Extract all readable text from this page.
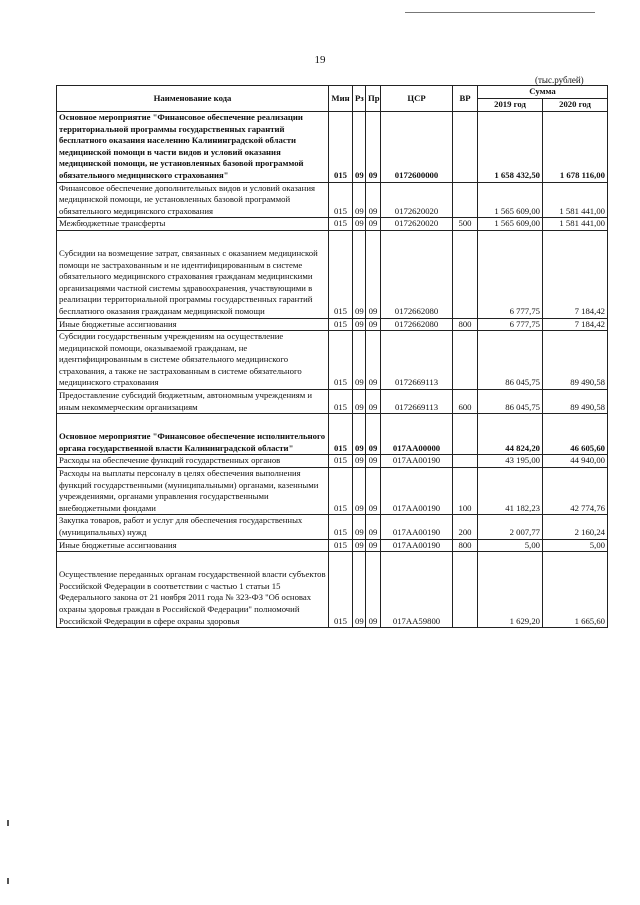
19
(тыс.рублей)
Наименование кода	Мин	Рз	Пр	ЦСР	ВР	Сумма	
						2019 год	2020 год
Основное мероприятие "Финансовое обеспечение реализации территориальной программы государственных гарантий бесплатного оказания населению Калининградской области медицинской помощи в части видов и условий оказания медицинской помощи, не установленных базовой программой обязательного медицинского страхования"	015	09	09	0172600000		1 658 432,50	1 678 116,00
Финансовое обеспечение дополнительных видов и условий оказания медицинской помощи, не установленных базовой программой обязательного медицинского страхования	015	09	09	0172620020		1 565 609,00	1 581 441,00
Межбюджетные трансферты	015	09	09	0172620020	500	1 565 609,00	1 581 441,00
Субсидии на возмещение затрат, связанных с оказанием медицинской помощи не застрахованным и не идентифицированным в системе обязательного медицинского страхования гражданам медицинскими организациями частной системы здравоохранения, участвующими в реализации территориальной программы государственных гарантий бесплатного оказания гражданам медицинской помощи	015	09	09	0172662080		6 777,75	7 184,42
Иные бюджетные ассигнования	015	09	09	0172662080	800	6 777,75	7 184,42
Субсидии государственным учреждениям на осуществление медицинской помощи, оказываемой гражданам, не идентифицированным в системе обязательного медицинского страхования, а также не застрахованным в системе обязательного медицинского страхования	015	09	09	0172669113		86 045,75	89 490,58
Предоставление субсидий бюджетным, автономным учреждениям и иным некоммерческим организациям	015	09	09	0172669113	600	86 045,75	89 490,58
Основное мероприятие "Финансовое обеспечение исполнительного органа государственной власти Калининградской области"	015	09	09	017АА00000		44 824,20	46 605,60
Расходы на обеспечение функций государственных органов	015	09	09	017АА00190		43 195,00	44 940,00
Расходы на выплаты персоналу в целях обеспечения выполнения функций государственными (муниципальными) органами, казенными учреждениями, органами управления государственными внебюджетными фондами	015	09	09	017АА00190	100	41 182,23	42 774,76
Закупка товаров, работ и услуг для обеспечения государственных (муниципальных) нужд	015	09	09	017АА00190	200	2 007,77	2 160,24
Иные бюджетные ассигнования	015	09	09	017АА00190	800	5,00	5,00
Осуществление переданных органам государственной власти субъектов Российской Федерации в соответствии с частью 1 статьи 15 Федерального закона от 21 ноября 2011 года № 323-ФЗ "Об основах охраны здоровья граждан в Российской Федерации" полномочий Российской Федерации в сфере охраны здоровья	015	09	09	017АА59800		1 629,20	1 665,60
